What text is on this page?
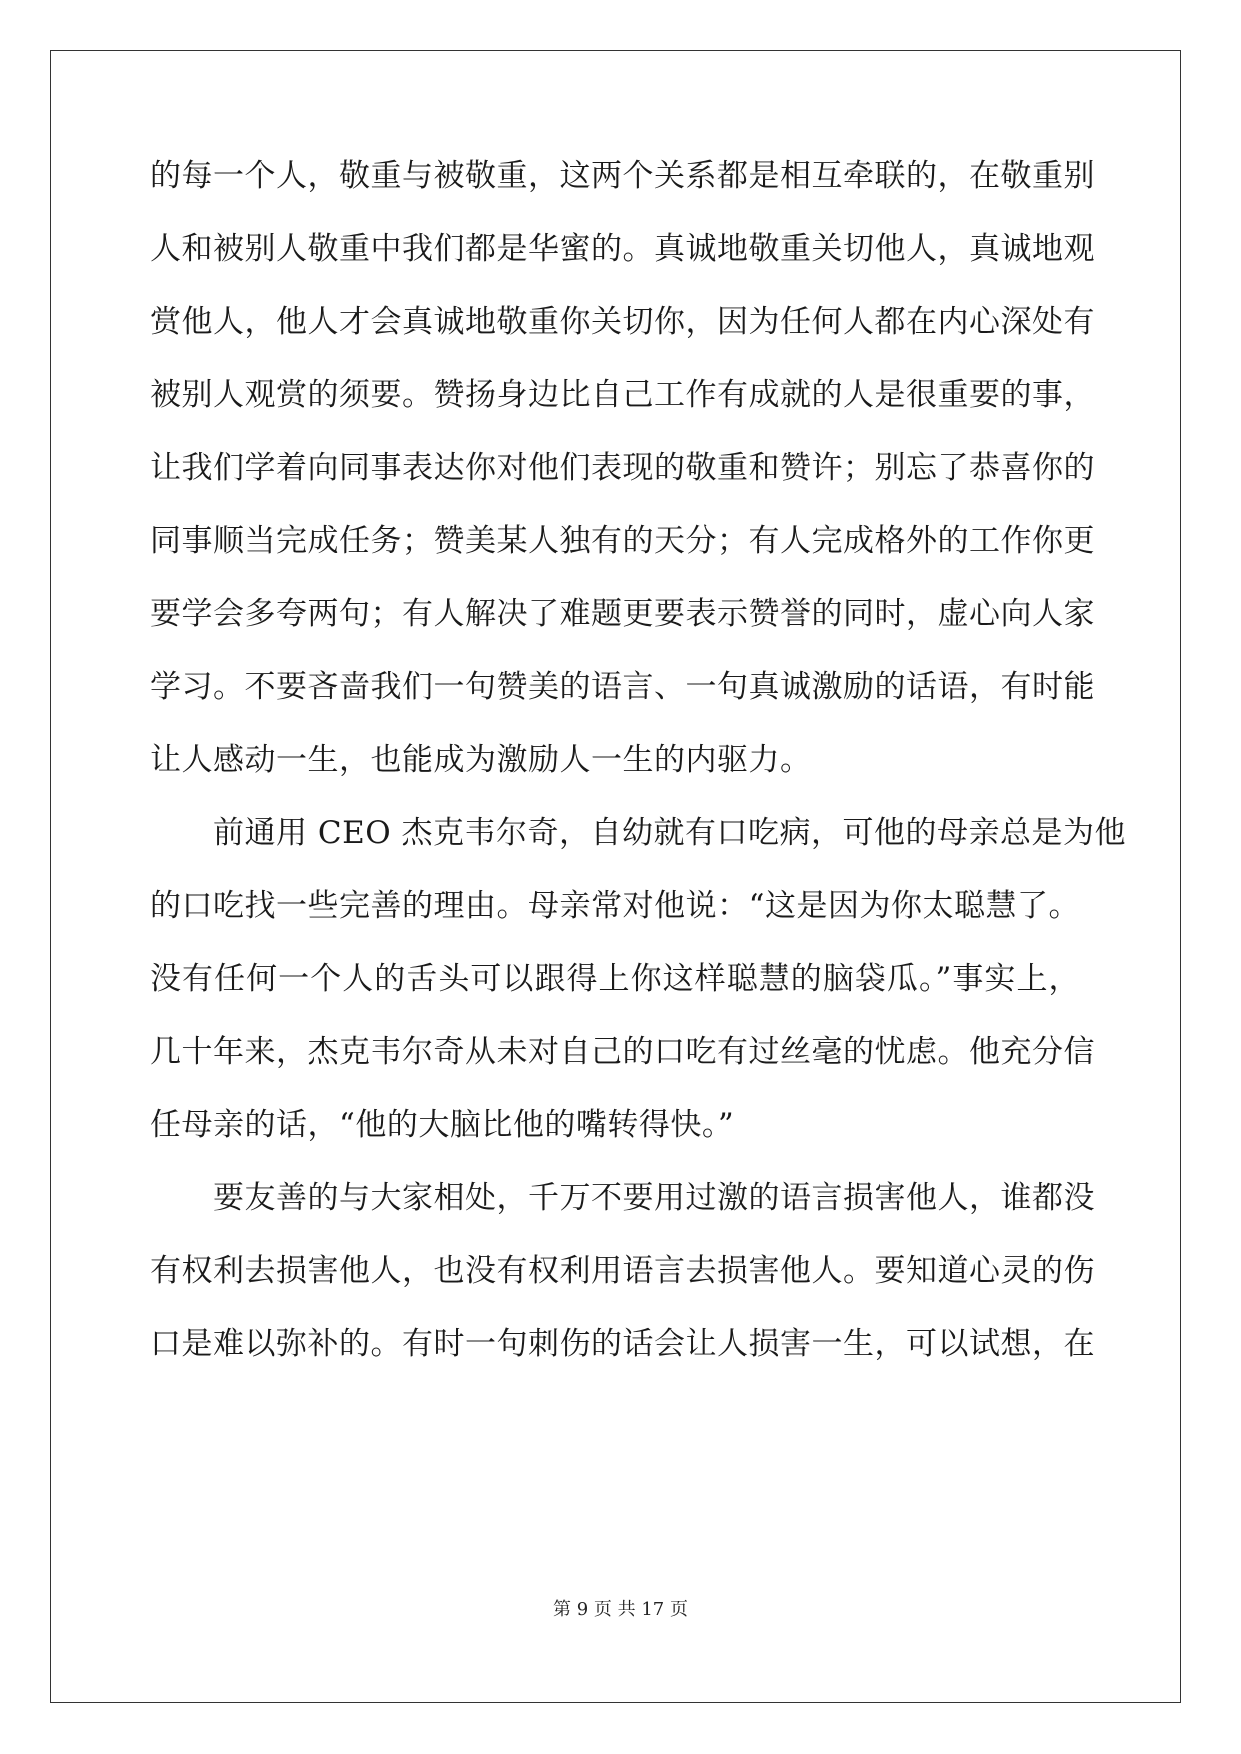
的每一个人，敬重与被敬重，这两个关系都是相互牵联的，在敬重别
人和被别人敬重中我们都是华蜜的。真诚地敬重关切他人，真诚地观
赏他人，他人才会真诚地敬重你关切你，因为任何人都在内心深处有
被别人观赏的须要。赞扬身边比自己工作有成就的人是很重要的事，
让我们学着向同事表达你对他们表现的敬重和赞许；别忘了恭喜你的
同事顺当完成任务；赞美某人独有的天分；有人完成格外的工作你更
要学会多夸两句；有人解决了难题更要表示赞誉的同时，虚心向人家
学习。不要吝啬我们一句赞美的语言、一句真诚激励的话语，有时能
让人感动一生，也能成为激励人一生的内驱力。
前通用 CEO 杰克韦尔奇，自幼就有口吃病，可他的母亲总是为他
的口吃找一些完善的理由。母亲常对他说：“这是因为你太聪慧了。
没有任何一个人的舌头可以跟得上你这样聪慧的脑袋瓜。”事实上，
几十年来，杰克韦尔奇从未对自己的口吃有过丝毫的忧虑。他充分信
任母亲的话，“他的大脑比他的嘴转得快。”
要友善的与大家相处，千万不要用过激的语言损害他人，谁都没
有权利去损害他人，也没有权利用语言去损害他人。要知道心灵的伤
口是难以弥补的。有时一句刺伤的话会让人损害一生，可以试想，在
第 9 页 共 17 页
